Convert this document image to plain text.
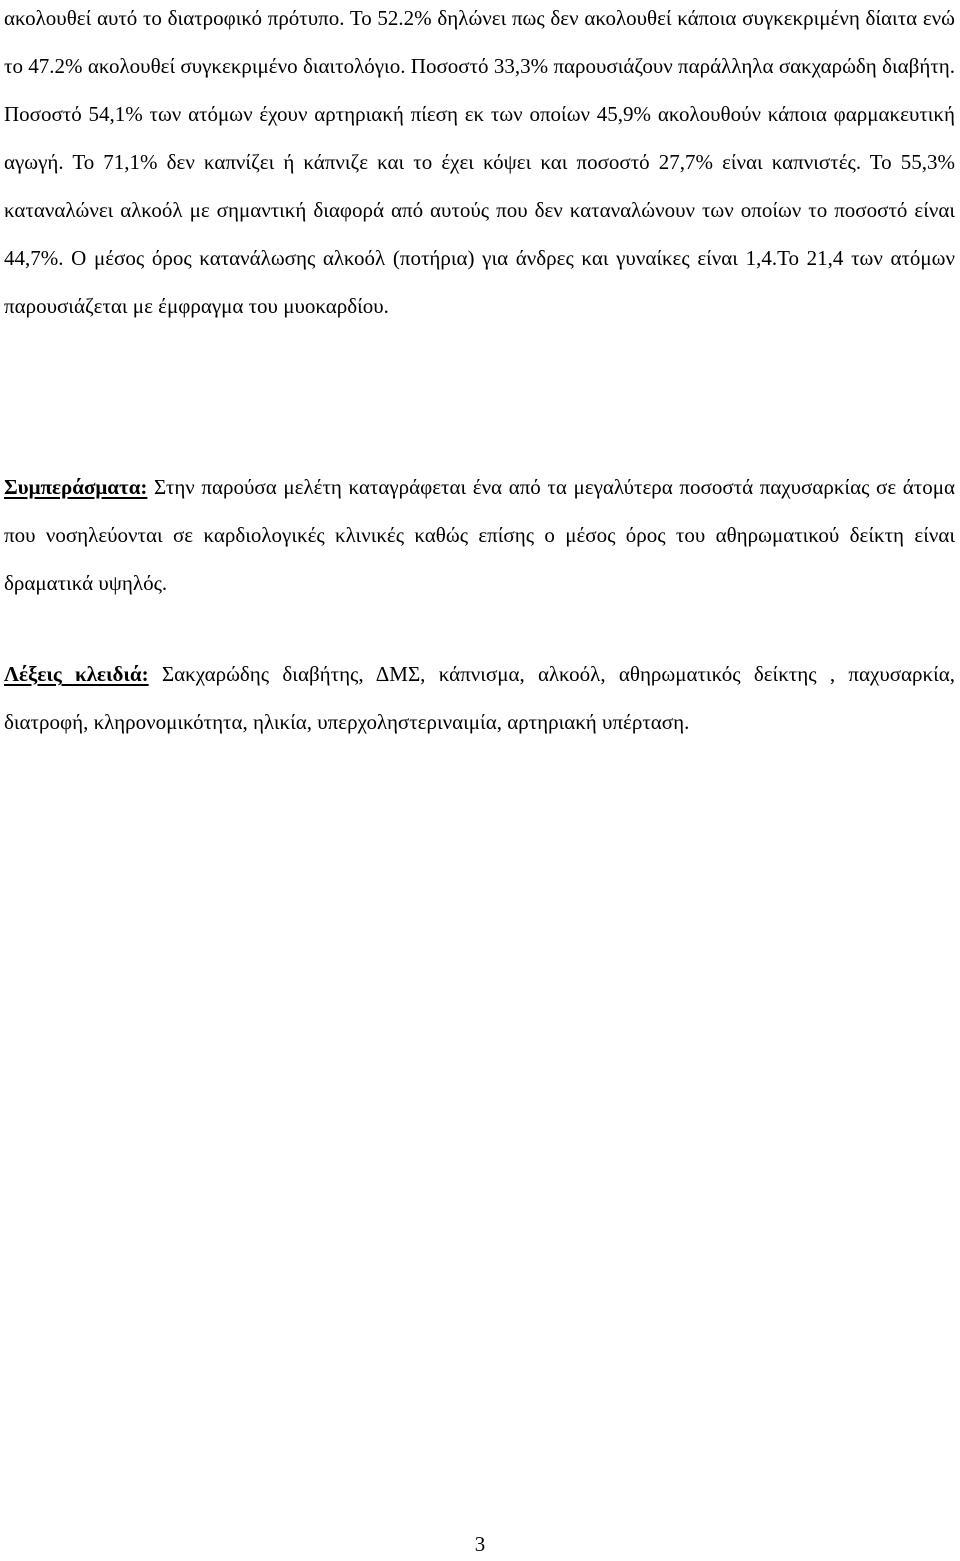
ακολουθεί αυτό το διατροφικό πρότυπο. Το 52.2% δηλώνει πως δεν ακολουθεί κάποια συγκεκριμένη δίαιτα ενώ το 47.2% ακολουθεί συγκεκριμένο διαιτολόγιο. Ποσοστό 33,3% παρουσιάζουν παράλληλα σακχαρώδη διαβήτη. Ποσοστό 54,1% των ατόμων έχουν αρτηριακή πίεση εκ των οποίων 45,9% ακολουθούν κάποια φαρμακευτική αγωγή. Το 71,1% δεν καπνίζει ή κάπνιζε και το έχει κόψει και ποσοστό 27,7% είναι καπνιστές. Το 55,3% καταναλώνει αλκοόλ με σημαντική διαφορά από αυτούς που δεν καταναλώνουν των οποίων το ποσοστό είναι 44,7%. Ο μέσος όρος κατανάλωσης αλκοόλ (ποτήρια) για άνδρες και γυναίκες είναι 1,4.Το 21,4 των ατόμων παρουσιάζεται με έμφραγμα του μυοκαρδίου.

Συμπεράσματα: Στην παρούσα μελέτη καταγράφεται ένα από τα μεγαλύτερα ποσοστά παχυσαρκίας σε άτομα που νοσηλεύονται σε καρδιολογικές κλινικές καθώς επίσης ο μέσος όρος του αθηρωματικού δείκτη είναι δραματικά υψηλός.

Λέξεις κλειδιά: Σακχαρώδης διαβήτης, ΔΜΣ, κάπνισμα, αλκοόλ, αθηρωματικός δείκτης , παχυσαρκία, διατροφή, κληρονομικότητα, ηλικία, υπερχοληστεριναιμία, αρτηριακή υπέρταση.

3
